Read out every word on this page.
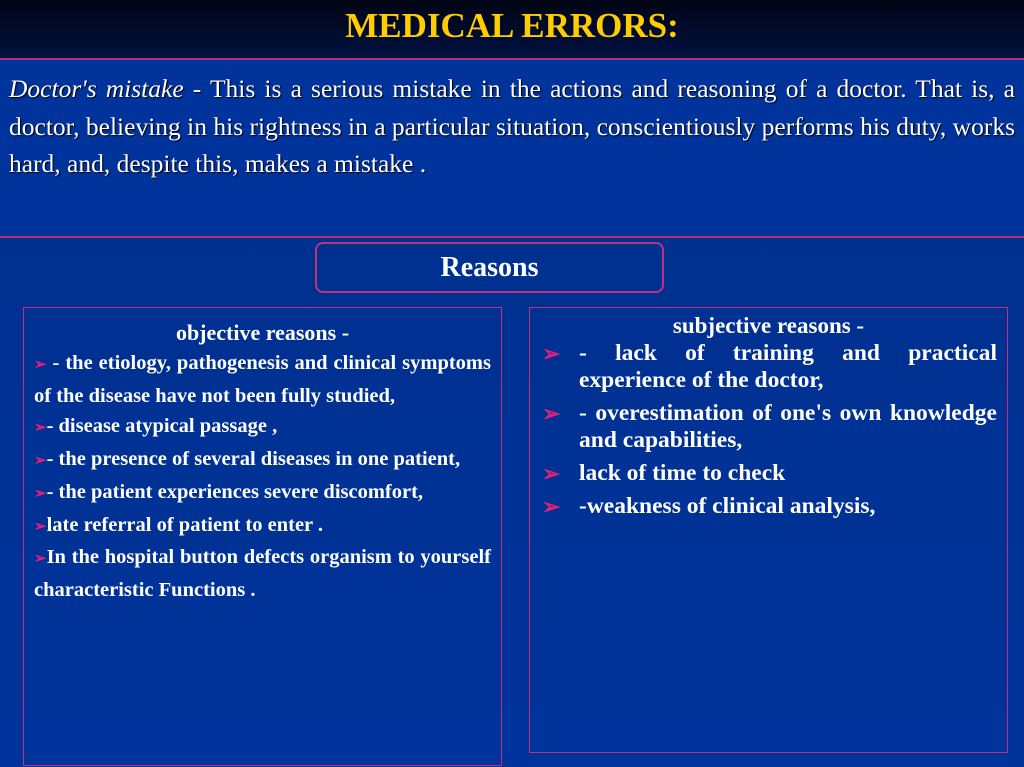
MEDICAL ERRORS:

Doctor's mistake - This is a serious mistake in the actions and reasoning of a doctor. That is, a doctor, believing in his rightness in a particular situation, conscientiously performs his duty, works hard, and, despite this, makes a mistake .

Reasons
objective reasons -
➢ - the etiology, pathogenesis and clinical symptoms of the disease have not been fully studied,
➢- disease atypical passage ,
➢- the presence of several diseases in one patient,
➢- the patient experiences severe discomfort,
➢late referral of patient to enter .
➢In the hospital button defects organism to yourself characteristic Functions .
subjective reasons -
➢ - lack of training and practical experience of the doctor,
➢ - overestimation of one's own knowledge and capabilities,
➢ lack of time to check
➢ -weakness of clinical analysis,
